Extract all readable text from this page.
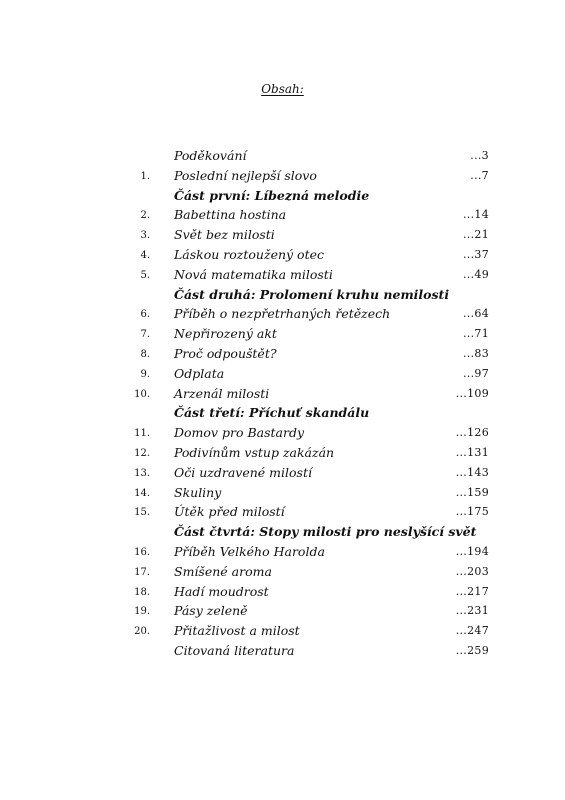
Obsah:
Poděkování	...3
1. Poslední nejlepší slovo	...7
Část první: Líbezná melodie
2. Babettina hostina	...14
3. Svět bez milosti	...21
4. Láskou roztoužený otec	...37
5. Nová matematika milosti	...49
Část druhá: Prolomení kruhu nemilosti
6. Příběh o nezpřetrhaných řetězech	...64
7. Nepřirozený akt	...71
8. Proč odpouštět?	...83
9. Odplata	...97
10. Arzenál milosti	...109
Část třetí: Příchuť skandálu
11. Domov pro Bastardy	...126
12. Podivínům vstup zakázán	...131
13. Oči uzdravené milostí	...143
14. Skuliny	...159
15. Útěk před milostí	...175
Část čtvrtá: Stopy milosti pro neslyšící svět
16. Příběh Velkého Harolda	...194
17. Smíšené aroma	...203
18. Hadí moudrost	...217
19. Pásy zeleně	...231
20. Přitažlivost a milost	...247
Citovaná literatura	...259
